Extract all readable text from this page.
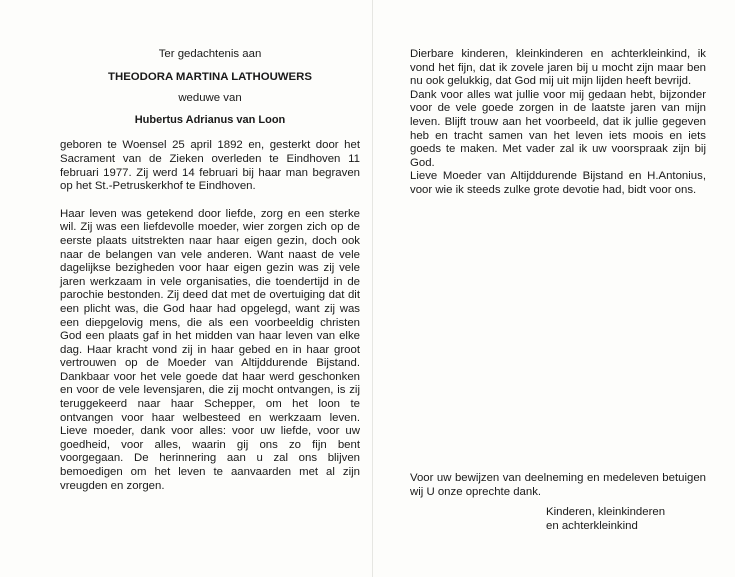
Ter gedachtenis aan
THEODORA MARTINA LATHOUWERS
weduwe van
Hubertus Adrianus van Loon

geboren te Woensel 25 april 1892 en, gesterkt door het Sacrament van de Zieken overleden te Eindhoven 11 februari 1977. Zij werd 14 februari bij haar man begraven op het St.-Petruskerkhof te Eindhoven.

Haar leven was getekend door liefde, zorg en een sterke wil. Zij was een liefdevolle moeder, wier zorgen zich op de eerste plaats uitstrekten naar haar eigen gezin, doch ook naar de belangen van vele anderen. Want naast de vele dagelijkse bezigheden voor haar eigen gezin was zij vele jaren werkzaam in vele organisaties, die toendertijd in de parochie bestonden. Zij deed dat met de overtuiging dat dit een plicht was, die God haar had opgelegd, want zij was een diepgelovig mens, die als een voorbeeldig christen God een plaats gaf in het midden van haar leven van elke dag. Haar kracht vond zij in haar gebed en in haar groot vertrouwen op de Moeder van Altijddurende Bijstand. Dankbaar voor het vele goede dat haar werd geschonken en voor de vele levensjaren, die zij mocht ontvangen, is zij teruggekeerd naar haar Schepper, om het loon te ontvangen voor haar welbesteed en werkzaam leven. Lieve moeder, dank voor alles: voor uw liefde, voor uw goedheid, voor alles, waarin gij ons zo fijn bent voorgegaan. De herinnering aan u zal ons blijven bemoedigen om het leven te aanvaarden met al zijn vreugden en zorgen.

Dierbare kinderen, kleinkinderen en achterkleinkind, ik vond het fijn, dat ik zovele jaren bij u mocht zijn maar ben nu ook gelukkig, dat God mij uit mijn lijden heeft bevrijd.

Dank voor alles wat jullie voor mij gedaan hebt, bijzonder voor de vele goede zorgen in de laatste jaren van mijn leven. Blijft trouw aan het voorbeeld, dat ik jullie gegeven heb en tracht samen van het leven iets moois en iets goeds te maken. Met vader zal ik uw voorspraak zijn bij God.

Lieve Moeder van Altijddurende Bijstand en H.Antonius, voor wie ik steeds zulke grote devotie had, bidt voor ons.

Voor uw bewijzen van deelneming en medeleven betuigen wij U onze oprechte dank.
Kinderen, kleinkinderen
en achterkleinkind
